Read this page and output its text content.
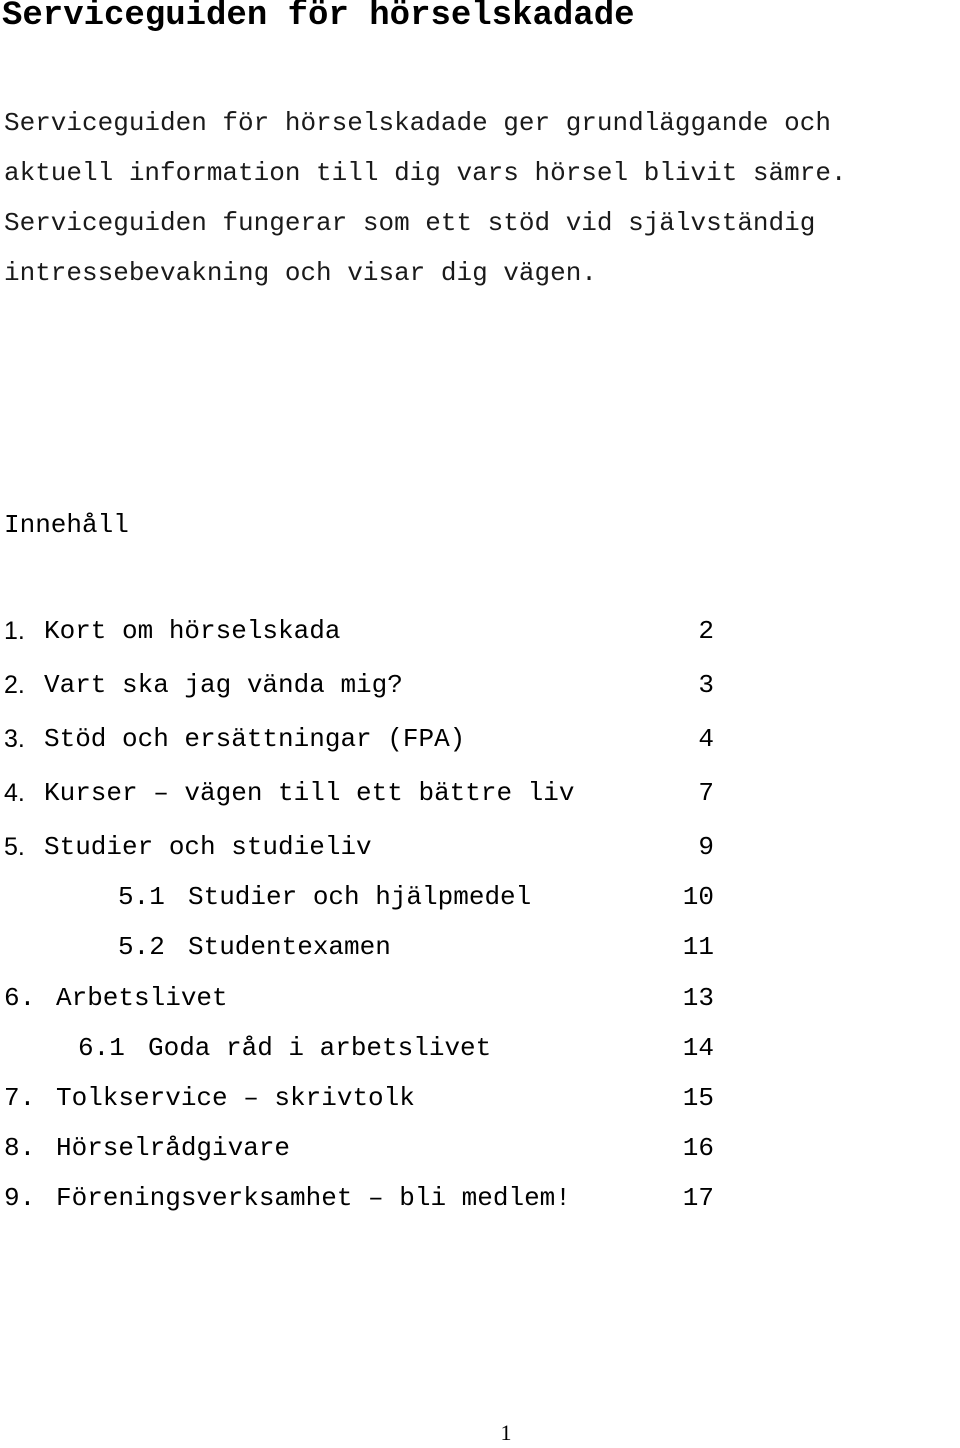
Serviceguiden för hörselskadade
Serviceguiden för hörselskadade ger grundläggande och
aktuell information till dig vars hörsel blivit sämre.
Serviceguiden fungerar som ett stöd vid självständig
intressebevakning och visar dig vägen.
Innehåll
1. Kort om hörselskada	2
2. Vart ska jag vända mig?	3
3. Stöd och ersättningar (FPA)	4
4. Kurser – vägen till ett bättre liv	7
5. Studier och studieliv	9
5.1 Studier och hjälpmedel	10
5.2 Studentexamen	11
6. Arbetslivet	13
6.1 Goda råd i arbetslivet	14
7. Tolkservice – skrivtolk	15
8. Hörselrådgivare	16
9. Föreningsverksamhet – bli medlem!	17
1
